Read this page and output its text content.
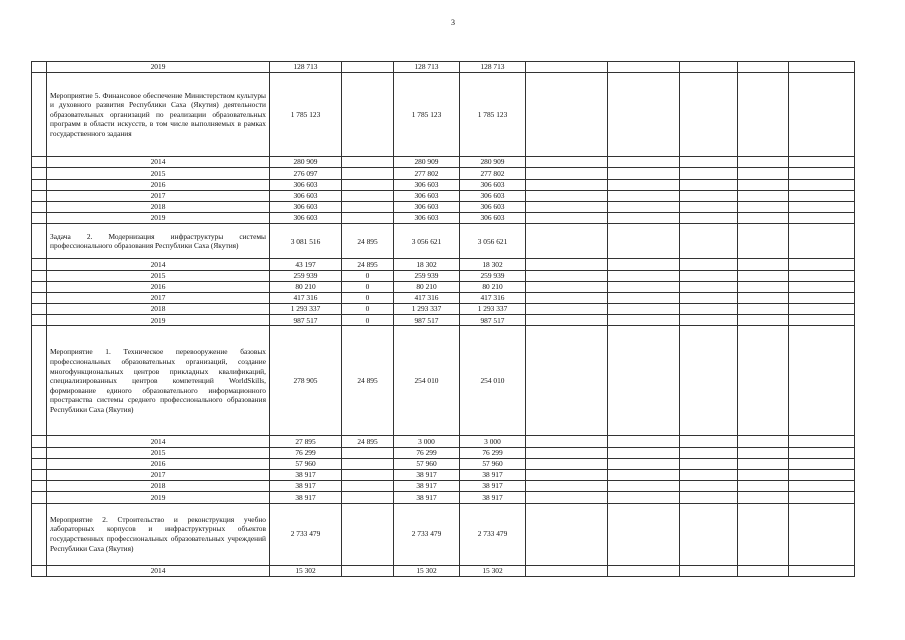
3
	2019	128 713		128 713	128 713					
	Мероприятие 5. Финансовое обеспечение Министерством культуры и духовного развития Республики Саха (Якутия) деятельности образовательных организаций по реализации образовательных программ в области искусств, в том числе выполняемых в рамках государственного задания	1 785 123		1 785 123	1 785 123					
	2014	280 909		280 909	280 909					
	2015	276 097		277 802	277 802					
	2016	306 603		306 603	306 603					
	2017	306 603		306 603	306 603					
	2018	306 603		306 603	306 603					
	2019	306 603		306 603	306 603					
	Задача 2. Модернизация инфраструктуры системы профессионального образования Республики Саха (Якутия)	3 081 516	24 895	3 056 621	3 056 621					
	2014	43 197	24 895	18 302	18 302					
	2015	259 939	0	259 939	259 939					
	2016	80 210	0	80 210	80 210					
	2017	417 316	0	417 316	417 316					
	2018	1 293 337	0	1 293 337	1 293 337					
	2019	987 517	0	987 517	987 517					
	Мероприятие 1. Техническое перевооружение базовых профессиональных образовательных организаций, создание многофункциональных центров прикладных квалификаций, специализированных центров компетенций WorldSkills, формирование единого образовательного информационного пространства системы среднего профессионального образования Республики Саха (Якутия)	278 905	24 895	254 010	254 010					
	2014	27 895	24 895	3 000	3 000					
	2015	76 299		76 299	76 299					
	2016	57 960		57 960	57 960					
	2017	38 917		38 917	38 917					
	2018	38 917		38 917	38 917					
	2019	38 917		38 917	38 917					
	Мероприятие 2. Строительство и реконструкция учебно лабораторных корпусов и инфраструктурных объектов государственных профессиональных образовательных учреждений Республики Саха (Якутия)	2 733 479		2 733 479	2 733 479					
	2014	15 302		15 302	15 302					
